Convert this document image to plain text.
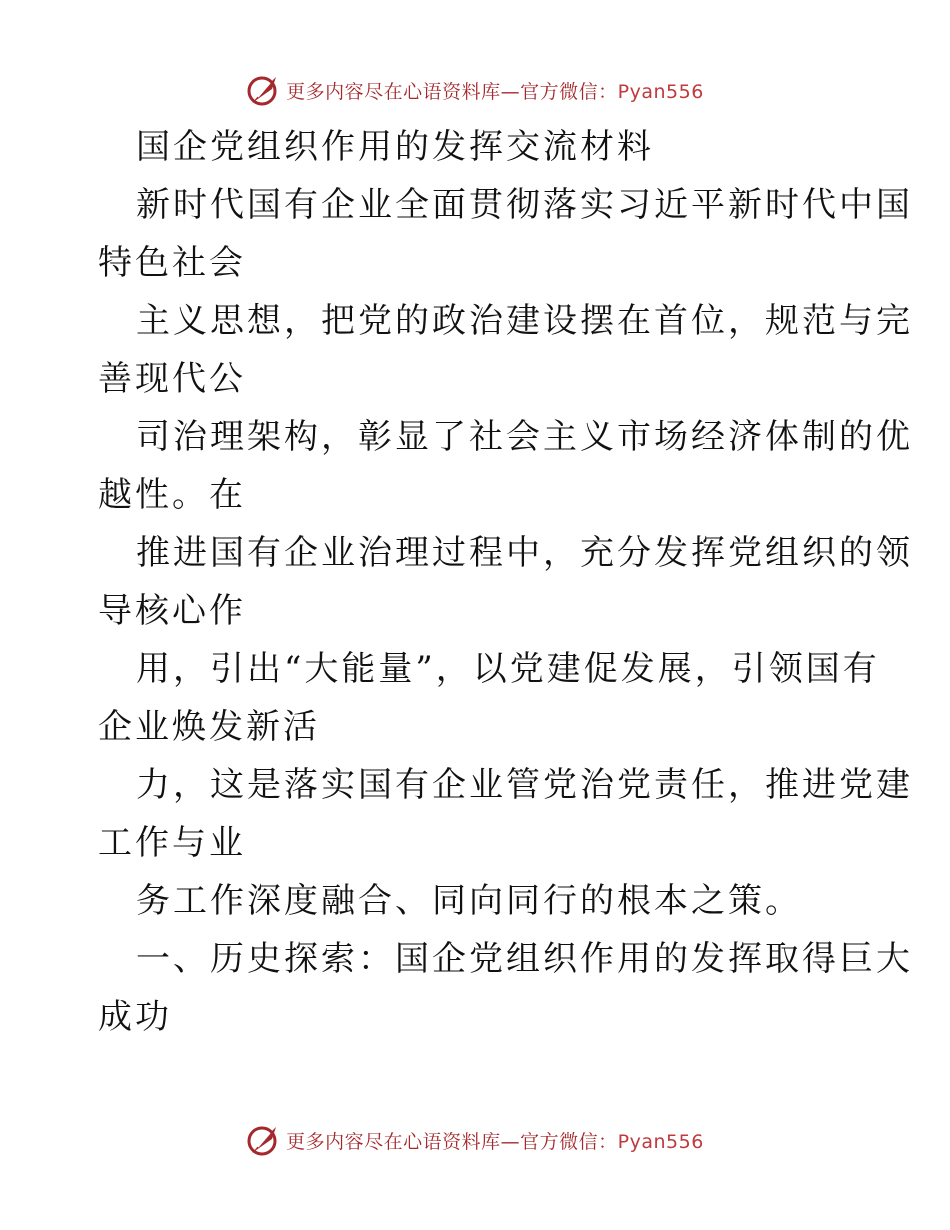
更多内容尽在心语资料库—官方微信：Pyan556
国企党组织作用的发挥交流材料
新时代国有企业全面贯彻落实习近平新时代中国
特色社会
主义思想，把党的政治建设摆在首位，规范与完
善现代公
司治理架构，彰显了社会主义市场经济体制的优
越性。在
推进国有企业治理过程中，充分发挥党组织的领
导核心作
用，引出“大能量”，以党建促发展，引领国有
企业焕发新活
力，这是落实国有企业管党治党责任，推进党建
工作与业
务工作深度融合、同向同行的根本之策。
一、历史探索：国企党组织作用的发挥取得巨大
成功
更多内容尽在心语资料库—官方微信：Pyan556
